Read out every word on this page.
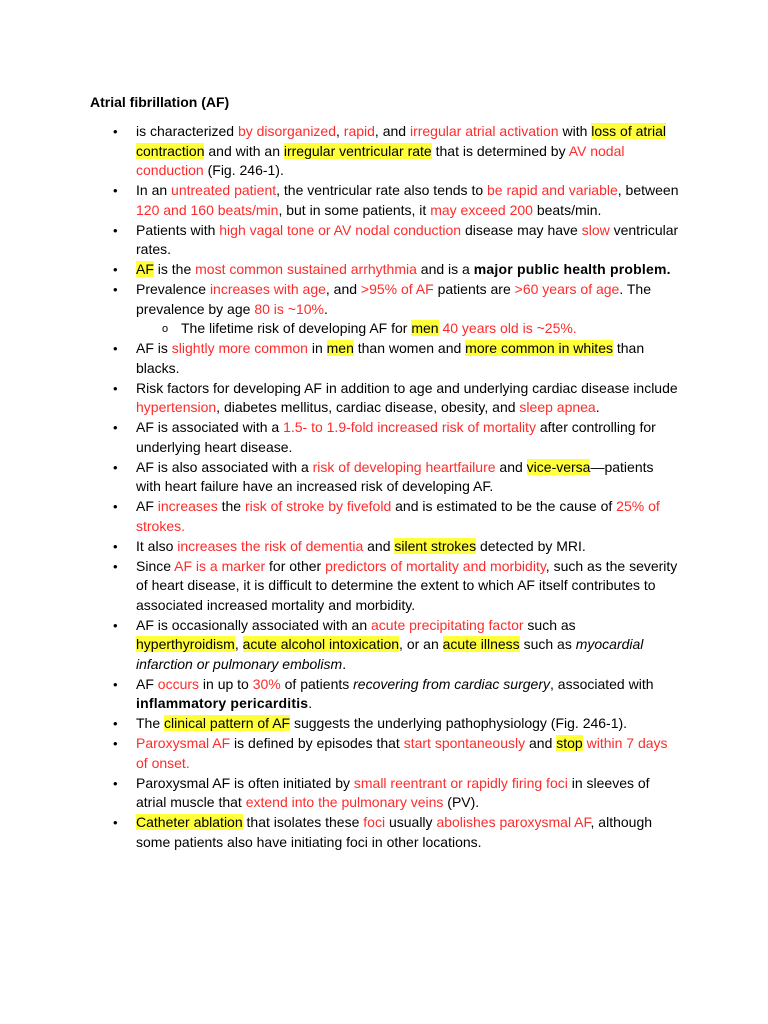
Atrial fibrillation (AF)
• is characterized by disorganized, rapid, and irregular atrial activation with loss of atrial contraction and with an irregular ventricular rate that is determined by AV nodal conduction (Fig. 246-1).
• In an untreated patient, the ventricular rate also tends to be rapid and variable, between 120 and 160 beats/min, but in some patients, it may exceed 200 beats/min.
• Patients with high vagal tone or AV nodal conduction disease may have slow ventricular rates.
• AF is the most common sustained arrhythmia and is a major public health problem.
• Prevalence increases with age, and >95% of AF patients are >60 years of age. The prevalence by age 80 is ~10%.
o The lifetime risk of developing AF for men 40 years old is ~25%.
• AF is slightly more common in men than women and more common in whites than blacks.
• Risk factors for developing AF in addition to age and underlying cardiac disease include hypertension, diabetes mellitus, cardiac disease, obesity, and sleep apnea.
• AF is associated with a 1.5- to 1.9-fold increased risk of mortality after controlling for underlying heart disease.
• AF is also associated with a risk of developing heartfailure and vice-versa—patients with heart failure have an increased risk of developing AF.
• AF increases the risk of stroke by fivefold and is estimated to be the cause of 25% of strokes.
• It also increases the risk of dementia and silent strokes detected by MRI.
• Since AF is a marker for other predictors of mortality and morbidity, such as the severity of heart disease, it is difficult to determine the extent to which AF itself contributes to associated increased mortality and morbidity.
• AF is occasionally associated with an acute precipitating factor such as hyperthyroidism, acute alcohol intoxication, or an acute illness such as myocardial infarction or pulmonary embolism.
• AF occurs in up to 30% of patients recovering from cardiac surgery, associated with inflammatory pericarditis.
• The clinical pattern of AF suggests the underlying pathophysiology (Fig. 246-1).
• Paroxysmal AF is defined by episodes that start spontaneously and stop within 7 days of onset.
• Paroxysmal AF is often initiated by small reentrant or rapidly firing foci in sleeves of atrial muscle that extend into the pulmonary veins (PV).
• Catheter ablation that isolates these foci usually abolishes paroxysmal AF, although some patients also have initiating foci in other locations.
